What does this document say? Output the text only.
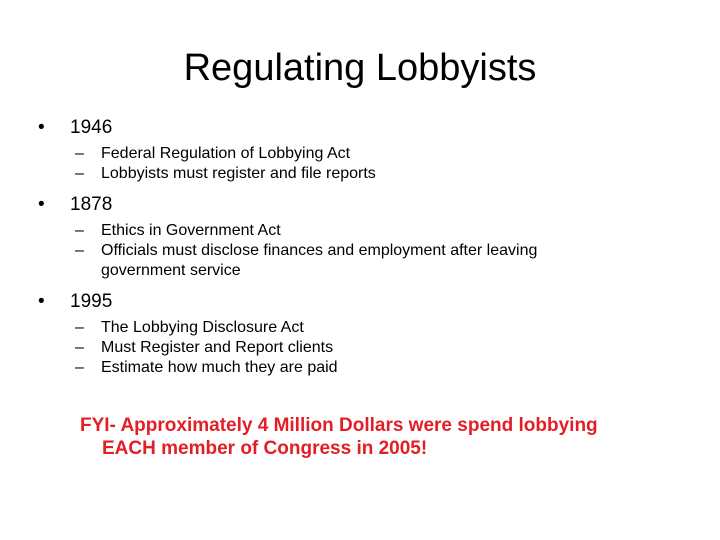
Regulating Lobbyists
• 1946
– Federal Regulation of Lobbying Act
– Lobbyists must register and file reports
• 1878
– Ethics in Government Act
– Officials must disclose finances and employment after leaving government service
• 1995
– The Lobbying Disclosure Act
– Must Register and Report clients
– Estimate how much they are paid
FYI- Approximately 4 Million Dollars were spend lobbying
EACH member of Congress in 2005!
